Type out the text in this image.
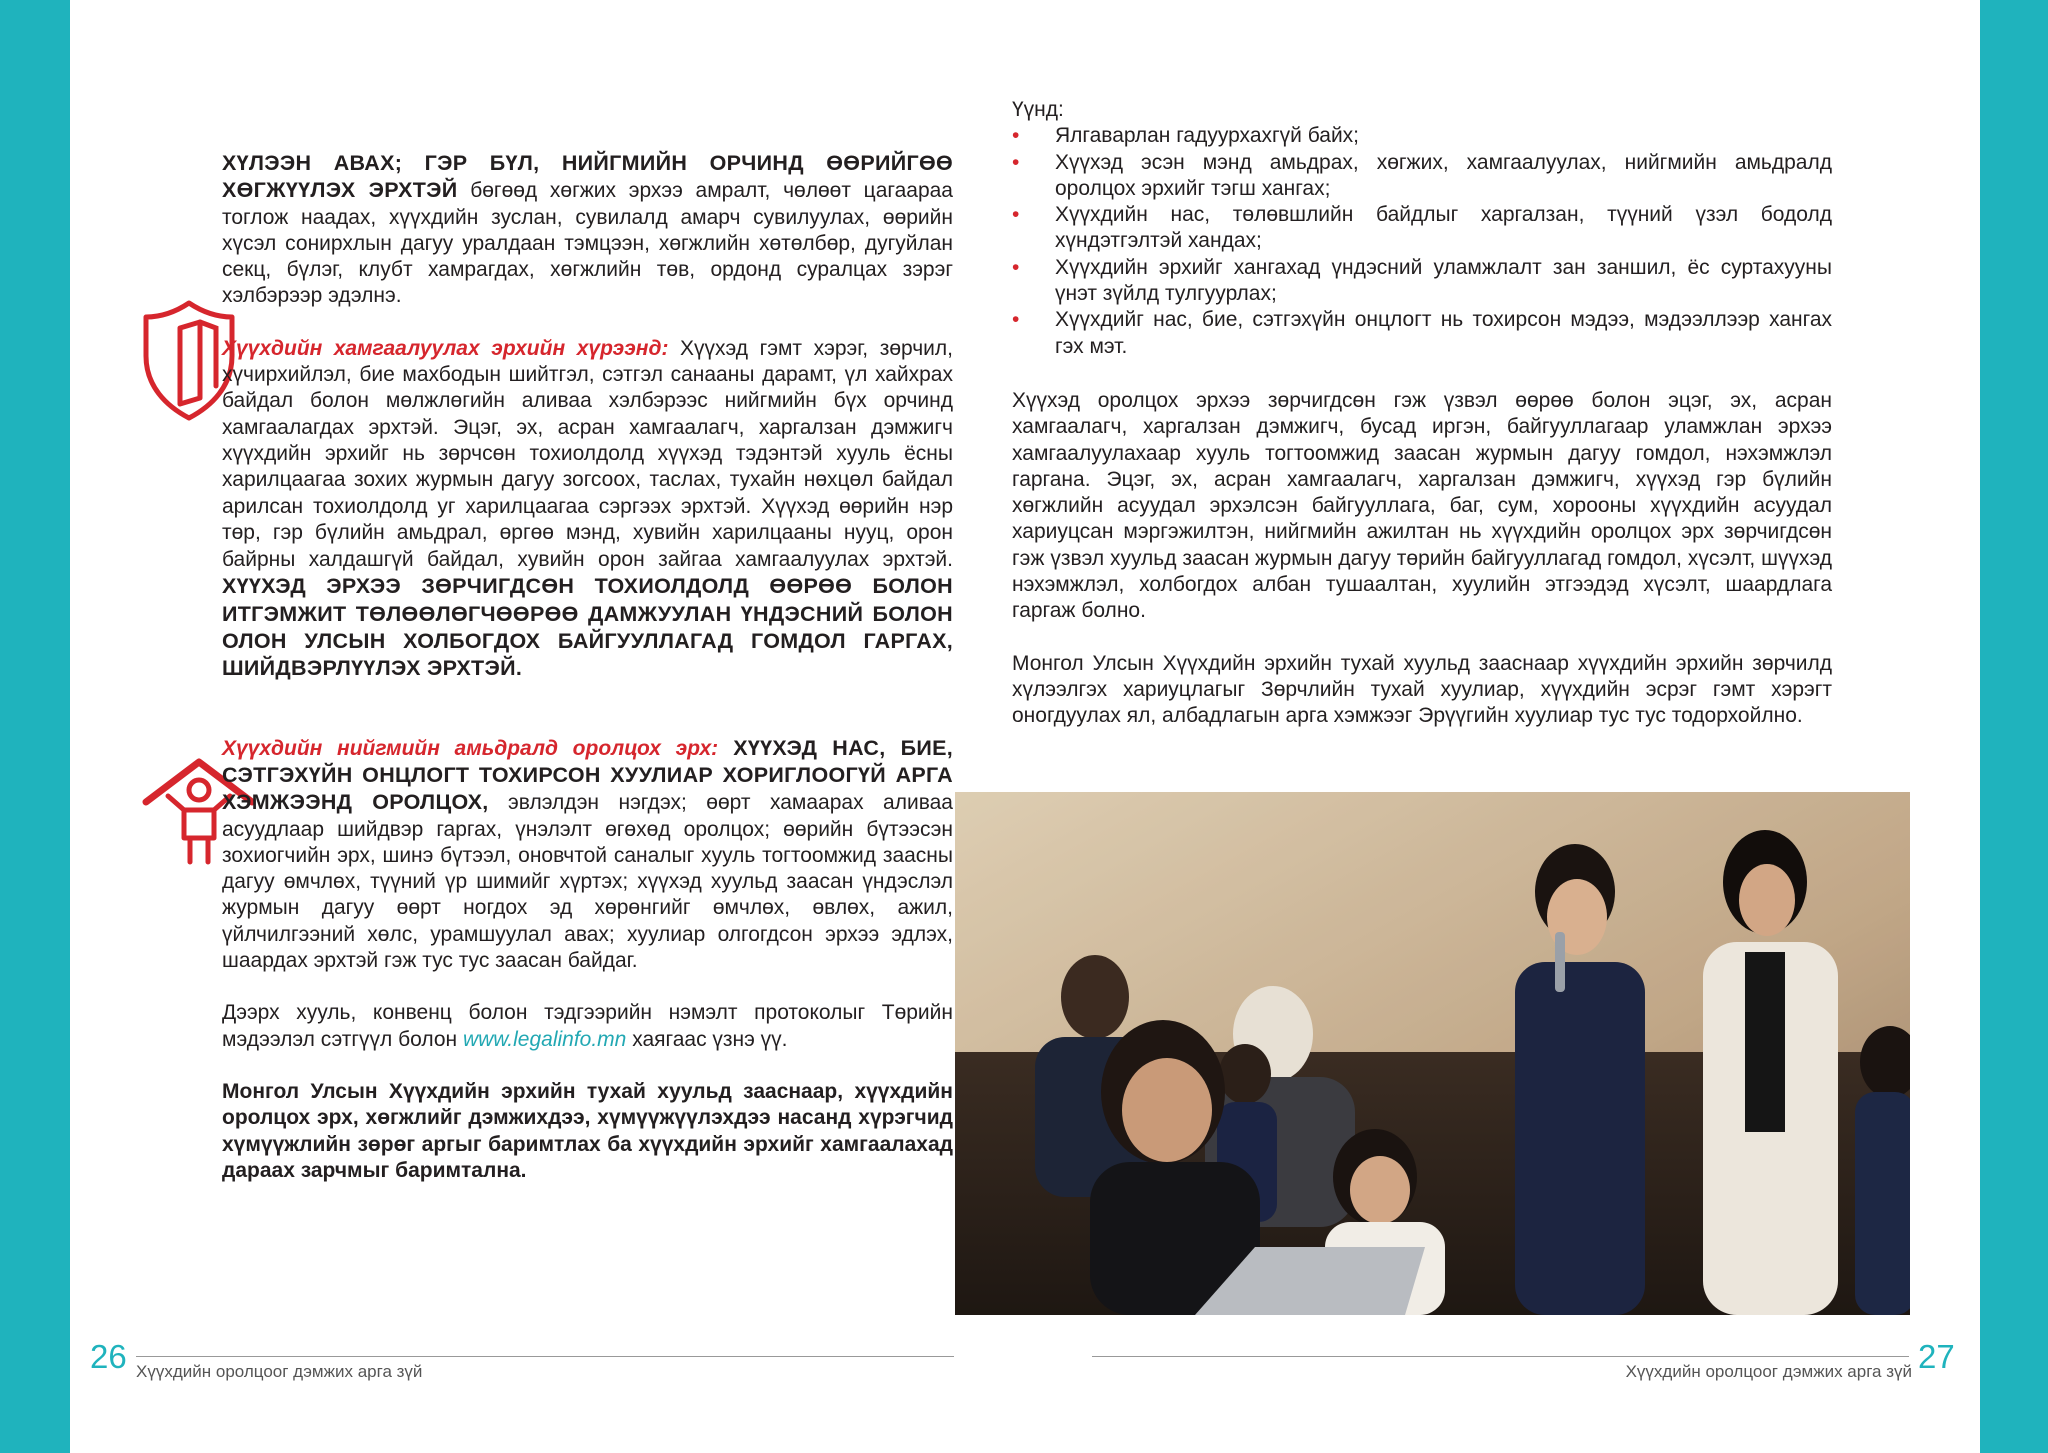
ХҮЛЭЭН АВАХ; ГЭР БҮЛ, НИЙГМИЙН ОРЧИНД ӨӨРИЙГӨӨ ХӨГЖҮҮЛЭХ ЭРХТЭЙ бөгөөд хөгжих эрхээ амралт, чөлөөт цагаараа тоглож наадах, хүүхдийн зуслан, сувилалд амарч сувилуулах, өөрийн хүсэл сонирхлын дагуу уралдаан тэмцээн, хөгжлийн хөтөлбөр, дугуйлан секц, бүлэг, клубт хамрагдах, хөгжлийн төв, ордонд суралцах зэрэг хэлбэрээр эдэлнэ.

Хүүхдийн хамгаалуулах эрхийн хүрээнд: Хүүхэд гэмт хэрэг, зөрчил, хүчирхийлэл, бие махбодын шийтгэл, сэтгэл санааны дарамт, үл хайхрах байдал болон мөлжлөгийн аливаа хэлбэрээс нийгмийн бүх орчинд хамгаалагдах эрхтэй. Эцэг, эх, асран хамгаалагч, харгалзан дэмжигч хүүхдийн эрхийг нь зөрчсөн тохиолдолд хүүхэд тэдэнтэй хууль ёсны харилцаагаа зохих журмын дагуу зогсоох, таслах, тухайн нөхцөл байдал арилсан тохиолдолд уг харилцаагаа сэргээх эрхтэй. Хүүхэд өөрийн нэр төр, гэр бүлийн амьдрал, өргөө мэнд, хувийн харилцааны нууц, орон байрны халдашгүй байдал, хувийн орон зайгаа хамгаалуулах эрхтэй. ХҮҮХЭД ЭРХЭЭ ЗӨРЧИГДСӨН ТОХИОЛДОЛД ӨӨРӨӨ БОЛОН ИТГЭМЖИТ ТӨЛӨӨЛӨГЧӨӨРӨӨ ДАМЖУУЛАН ҮНДЭСНИЙ БОЛОН ОЛОН УЛСЫН ХОЛБОГДОХ БАЙГУУЛЛАГАД ГОМДОЛ ГАРГАХ, ШИЙДВЭРЛҮҮЛЭХ ЭРХТЭЙ.

Хүүхдийн нийгмийн амьдралд оролцох эрх: ХҮҮХЭД НАС, БИЕ, СЭТГЭХҮЙН ОНЦЛОГТ ТОХИРСОН ХУУЛИАР ХОРИГЛООГҮЙ АРГА ХЭМЖЭЭНД ОРОЛЦОХ, эвлэлдэн нэгдэх; өөрт хамаарах аливаа асуудлаар шийдвэр гаргах, үнэлэлт өгөхөд оролцох; өөрийн бүтээсэн зохиогчийн эрх, шинэ бүтээл, оновчтой саналыг хууль тогтоомжид заасны дагуу өмчлөх, түүний үр шимийг хүртэх; хүүхэд хуульд заасан үндэслэл журмын дагуу өөрт ногдох эд хөрөнгийг өмчлөх, өвлөх, ажил, үйлчилгээний хөлс, урамшуулал авах; хуулиар олгогдсон эрхээ эдлэх, шаардах эрхтэй гэж тус тус заасан байдаг.

Дээрх хууль, конвенц болон тэдгээрийн нэмэлт протоколыг Төрийн мэдээлэл сэтгүүл болон www.legalinfo.mn хаягаас үзнэ үү.

Монгол Улсын Хүүхдийн эрхийн тухай хуульд зааснаар, хүүхдийн оролцох эрх, хөгжлийг дэмжихдээ, хүмүүжүүлэхдээ насанд хүрэгчид хүмүүжлийн зөрөг аргыг баримтлах ба хүүхдийн эрхийг хамгаалахад дараах зарчмыг баримтална.

26 Хүүхдийн оролцоог дэмжих арга зүй

Үүнд:

• Ялгаварлан гадуурхахгүй байх;
• Хүүхэд эсэн мэнд амьдрах, хөгжих, хамгаалуулах, нийгмийн амьдралд оролцох эрхийг тэгш хангах;
• Хүүхдийн нас, төлөвшлийн байдлыг харгалзан, түүний үзэл бодолд хүндэтгэлтэй хандах;
• Хүүхдийн эрхийг хангахад үндэсний уламжлалт зан заншил, ёс суртахууны үнэт зүйлд тулгуурлах;
• Хүүхдийг нас, бие, сэтгэхүйн онцлогт нь тохирсон мэдээ, мэдээллээр хангах гэх мэт.

Хүүхэд оролцох эрхээ зөрчигдсөн гэж үзвэл өөрөө болон эцэг, эх, асран хамгаалагч, харгалзан дэмжигч, бусад иргэн, байгууллагаар уламжлан эрхээ хамгаалуулахаар хууль тогтоомжид заасан журмын дагуу гомдол, нэхэмжлэл гаргана. Эцэг, эх, асран хамгаалагч, харгалзан дэмжигч, хүүхэд гэр бүлийн хөгжлийн асуудал эрхэлсэн байгууллага, баг, сум, хорооны хүүхдийн асуудал хариуцсан мэргэжилтэн, нийгмийн ажилтан нь хүүхдийн оролцох эрх зөрчигдсөн гэж үзвэл хуульд заасан журмын дагуу төрийн байгууллагад гомдол, хүсэлт, шүүхэд нэхэмжлэл, холбогдох албан тушаалтан, хуулийн этгээдэд хүсэлт, шаардлага гаргаж болно.

Монгол Улсын Хүүхдийн эрхийн тухай хуульд зааснаар хүүхдийн эрхийн зөрчилд хүлээлгэх хариуцлагыг Зөрчлийн тухай хуулиар, хүүхдийн эсрэг гэмт хэрэгт оногдуулах ял, албадлагын арга хэмжээг Эрүүгийн хуулиар тус тус тодорхойлно.

Хүүхдийн оролцоог дэмжих арга зүй 27
